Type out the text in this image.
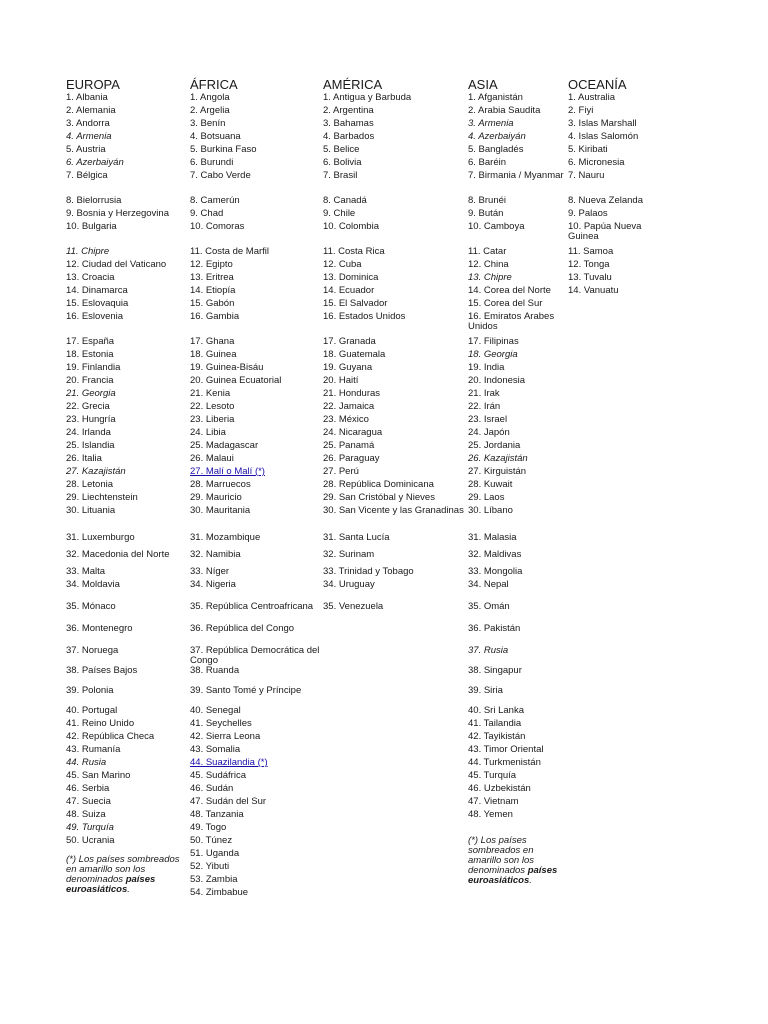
EUROPA
1. Albania
2. Alemania
3. Andorra
4. Armenia
5. Austria
6. Azerbaiyán
7. Bélgica
8. Bielorrusia
9. Bosnia y Herzegovina
10. Bulgaria
11. Chipre
12. Ciudad del Vaticano
13. Croacia
14. Dinamarca
15. Eslovaquia
16. Eslovenia
17. España
18. Estonia
19. Finlandia
20. Francia
21. Georgia
22. Grecia
23. Hungría
24. Irlanda
25. Islandia
26. Italia
27. Kazajistán
28. Letonia
29. Liechtenstein
30. Lituania
31. Luxemburgo
32. Macedonia del Norte
33. Malta
34. Moldavia
35. Mónaco
36. Montenegro
37. Noruega
38. Países Bajos
39. Polonia
40. Portugal
41. Reino Unido
42. República Checa
43. Rumanía
44. Rusia
45. San Marino
46. Serbia
47. Suecia
48. Suiza
49. Turquía
50. Ucrania
(*) Los países sombreados en amarillo son los denominados países euroasiáticos.
ÁFRICA
1. Angola
2. Argelia
3. Benín
4. Botsuana
5. Burkina Faso
6. Burundi
7. Cabo Verde
8. Camerún
9. Chad
10. Comoras
11. Costa de Marfil
12. Egipto
13. Eritrea
14. Etiopía
15. Gabón
16. Gambia
17. Ghana
18. Guinea
19. Guinea-Bisáu
20. Guinea Ecuatorial
21. Kenia
22. Lesoto
23. Liberia
24. Libia
25. Madagascar
26. Malaui
27. Malí o Malí (*)
28. Marruecos
29. Mauricio
30. Mauritania
31. Mozambique
32. Namibia
33. Níger
34. Nigeria
35. República Centroafricana
36. República del Congo
37. República Democrática del Congo
38. Ruanda
39. Santo Tomé y Príncipe
40. Senegal
41. Seychelles
42. Sierra Leona
43. Somalia
44. Suazilandia (*)
45. Sudáfrica
46. Sudán
47. Sudán del Sur
48. Tanzania
49. Togo
50. Túnez
51. Uganda
52. Yibuti
53. Zambia
54. Zimbabue
AMÉRICA
1. Antigua y Barbuda
2. Argentina
3. Bahamas
4. Barbados
5. Belice
6. Bolivia
7. Brasil
8. Canadá
9. Chile
10. Colombia
11. Costa Rica
12. Cuba
13. Dominica
14. Ecuador
15. El Salvador
16. Estados Unidos
17. Granada
18. Guatemala
19. Guyana
20. Haití
21. Honduras
22. Jamaica
23. México
24. Nicaragua
25. Panamá
26. Paraguay
27. Perú
28. República Dominicana
29. San Cristóbal y Nieves
30. San Vicente y las Granadinas
31. Santa Lucía
32. Surinam
33. Trinidad y Tobago
34. Uruguay
35. Venezuela
ASIA
1. Afganistán
2. Arabia Saudita
3. Armenia
4. Azerbaiyán
5. Bangladés
6. Baréin
7. Birmania / Myanmar
8. Brunéi
9. Bután
10. Camboya
11. Catar
12. China
13. Chipre
14. Corea del Norte
15. Corea del Sur
16. Emiratos Árabes Unidos
17. Filipinas
18. Georgia
19. India
20. Indonesia
21. Irak
22. Irán
23. Israel
24. Japón
25. Jordania
26. Kazajistán
27. Kirguistán
28. Kuwait
29. Laos
30. Líbano
31. Malasia
32. Maldivas
33. Mongolia
34. Nepal
35. Omán
36. Pakistán
37. Rusia
38. Singapur
39. Siria
40. Sri Lanka
41. Tailandia
42. Tayikistán
43. Timor Oriental
44. Turkmenistán
45. Turquía
46. Uzbekistán
47. Vietnam
48. Yemen
(*) Los países sombreados en amarillo son los denominados países euroasiáticos.
OCEANÍA
1. Australia
2. Fiyi
3. Islas Marshall
4. Islas Salomón
5. Kiribati
6. Micronesia
7. Nauru
8. Nueva Zelanda
9. Palaos
10. Papúa Nueva Guinea
11. Samoa
12. Tonga
13. Tuvalu
14. Vanuatu
